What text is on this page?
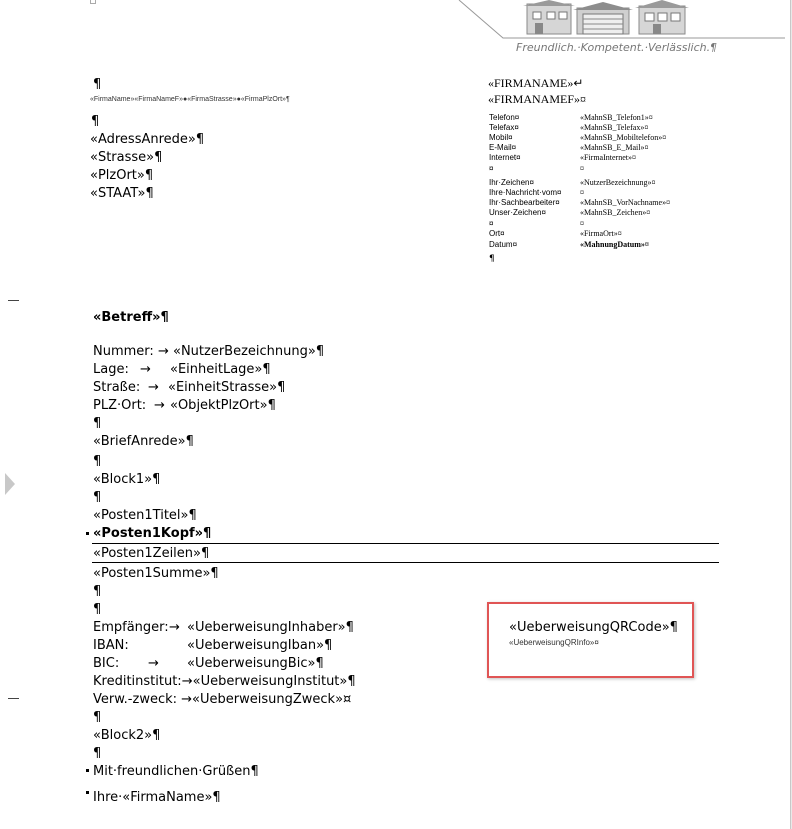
Freundlich.·Kompetent.·Verlässlich.¶
¶
«FirmaName»«FirmaNameF»●«FirmaStrasse»●«FirmaPlzOrt»¶
¶
«AdressAnrede»¶
«Strasse»¶
«PlzOrt»¶
«STAAT»¶
«FIRMANAME»↵
«FIRMANAMEF»¤
Telefon¤	«MahnSB_Telefon1»¤
Telefax¤	«MahnSB_Telefax»¤
Mobil¤	«MahnSB_Mobiltelefon»¤
E-Mail¤	«MahnSB_E_Mail»¤
Internet¤	«FirmaInternet»¤
¤	¤
Ihr·Zeichen¤	«NutzerBezeichnung»¤
Ihre·Nachricht·vom¤ ¤
Ihr·Sachbearbeiter¤	«MahnSB_VorNachname»¤
Unser·Zeichen¤	«MahnSB_Zeichen»¤
¤	¤
Ort¤	«FirmaOrt»¤
Datum¤	«MahnungDatum»¤
¶
«Betreff»¶
Nummer: → «NutzerBezeichnung»¶
Lage: → «EinheitLage»¶
Straße: → «EinheitStrasse»¶
PLZ·Ort: → «ObjektPlzOrt»¶
¶
«BriefAnrede»¶
¶
«Block1»¶
¶
«Posten1Titel»¶
«Posten1Kopf»¶
«Posten1Zeilen»¶
«Posten1Summe»¶
¶
¶
Empfänger: → «UeberweisungInhaber»¶
IBAN:	«UeberweisungIban»¶
BIC: → «UeberweisungBic»¶
Kreditinstitut:→«UeberweisungInstitut»¶
Verw.-zweck: →«UeberweisungZweck»¤
¶
«Block2»¶
¶
Mit·freundlichen·Grüßen¶
Ihre·«FirmaName»¶
«UeberweisungQRCode»¶
«UeberweisungQRInfo»¤
